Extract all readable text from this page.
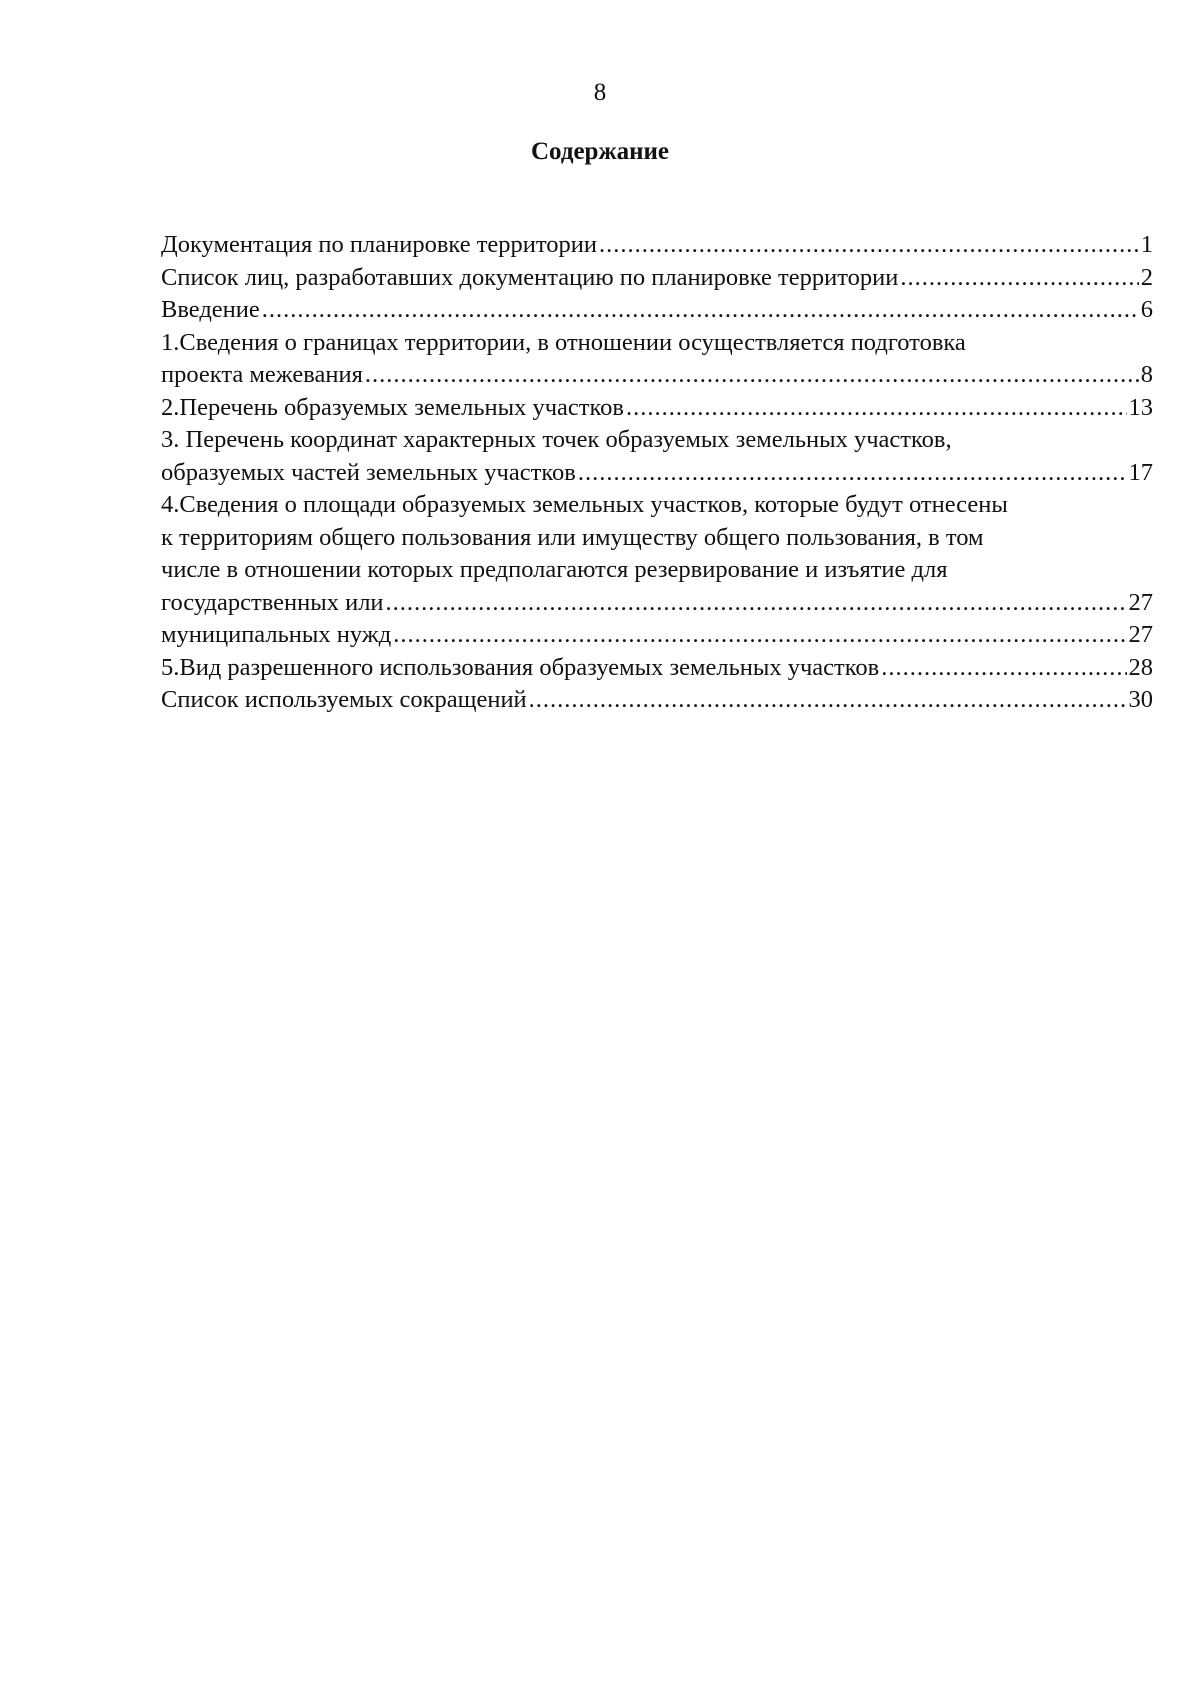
8
Содержание
Документация по планировке территории .....	1
Список лиц, разработавших документацию по планировке территории .....	2
Введение .....	6
1.Сведения о границах территории, в отношении осуществляется подготовка
проекта межевания .....	8
2.Перечень образуемых земельных участков .....	13
3. Перечень координат характерных точек образуемых земельных участков,
образуемых частей земельных участков .....	17
4.Сведения о площади образуемых земельных участков, которые будут отнесены
к территориям общего пользования или имуществу общего пользования, в том
числе в отношении которых предполагаются резервирование и изъятие для
государственных или .....	27
муниципальных нужд .....	27
5.Вид разрешенного использования образуемых земельных участков .....	28
Список используемых сокращений .....	30
